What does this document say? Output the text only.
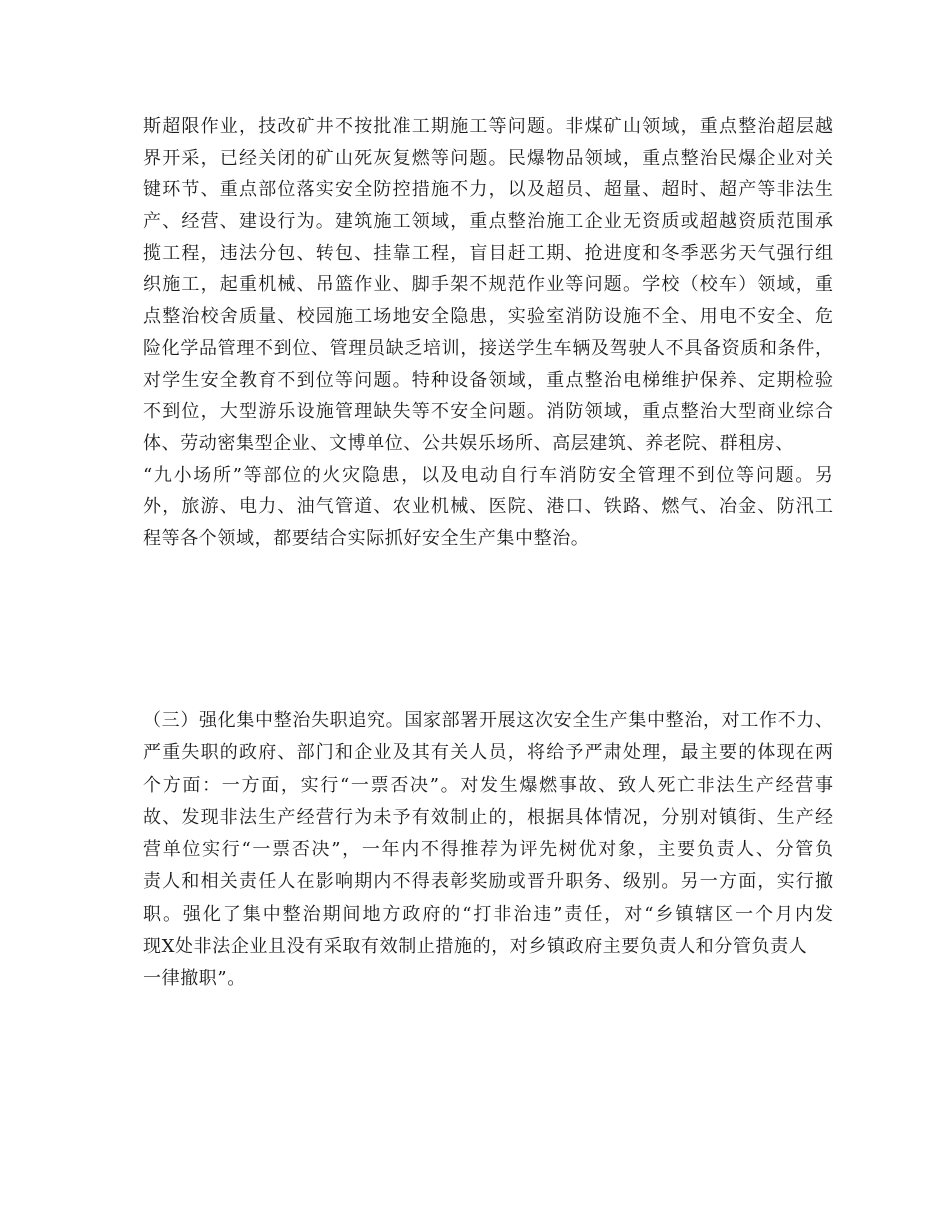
斯超限作业，技改矿井不按批准工期施工等问题。非煤矿山领域，重点整治超层越
界开采，已经关闭的矿山死灰复燃等问题。民爆物品领域，重点整治民爆企业对关
键环节、重点部位落实安全防控措施不力，以及超员、超量、超时、超产等非法生
产、经营、建设行为。建筑施工领域，重点整治施工企业无资质或超越资质范围承
揽工程，违法分包、转包、挂靠工程，盲目赶工期、抢进度和冬季恶劣天气强行组
织施工，起重机械、吊篮作业、脚手架不规范作业等问题。学校（校车）领域，重
点整治校舍质量、校园施工场地安全隐患，实验室消防设施不全、用电不安全、危
险化学品管理不到位、管理员缺乏培训，接送学生车辆及驾驶人不具备资质和条件，
对学生安全教育不到位等问题。特种设备领域，重点整治电梯维护保养、定期检验
不到位，大型游乐设施管理缺失等不安全问题。消防领域，重点整治大型商业综合
体、劳动密集型企业、文博单位、公共娱乐场所、高层建筑、养老院、群租房、
“九小场所”等部位的火灾隐患，以及电动自行车消防安全管理不到位等问题。另
外，旅游、电力、油气管道、农业机械、医院、港口、铁路、燃气、冶金、防汛工
程等各个领域，都要结合实际抓好安全生产集中整治。
（三）强化集中整治失职追究。国家部署开展这次安全生产集中整治，对工作不力、
严重失职的政府、部门和企业及其有关人员，将给予严肃处理，最主要的体现在两
个方面：一方面，实行“一票否决”。对发生爆燃事故、致人死亡非法生产经营事
故、发现非法生产经营行为未予有效制止的，根据具体情况，分别对镇街、生产经
营单位实行“一票否决”，一年内不得推荐为评先树优对象，主要负责人、分管负
责人和相关责任人在影响期内不得表彰奖励或晋升职务、级别。另一方面，实行撤
职。强化了集中整治期间地方政府的“打非治违”责任，对“乡镇辖区一个月内发
现X处非法企业且没有采取有效制止措施的，对乡镇政府主要负责人和分管负责人
一律撤职”。
